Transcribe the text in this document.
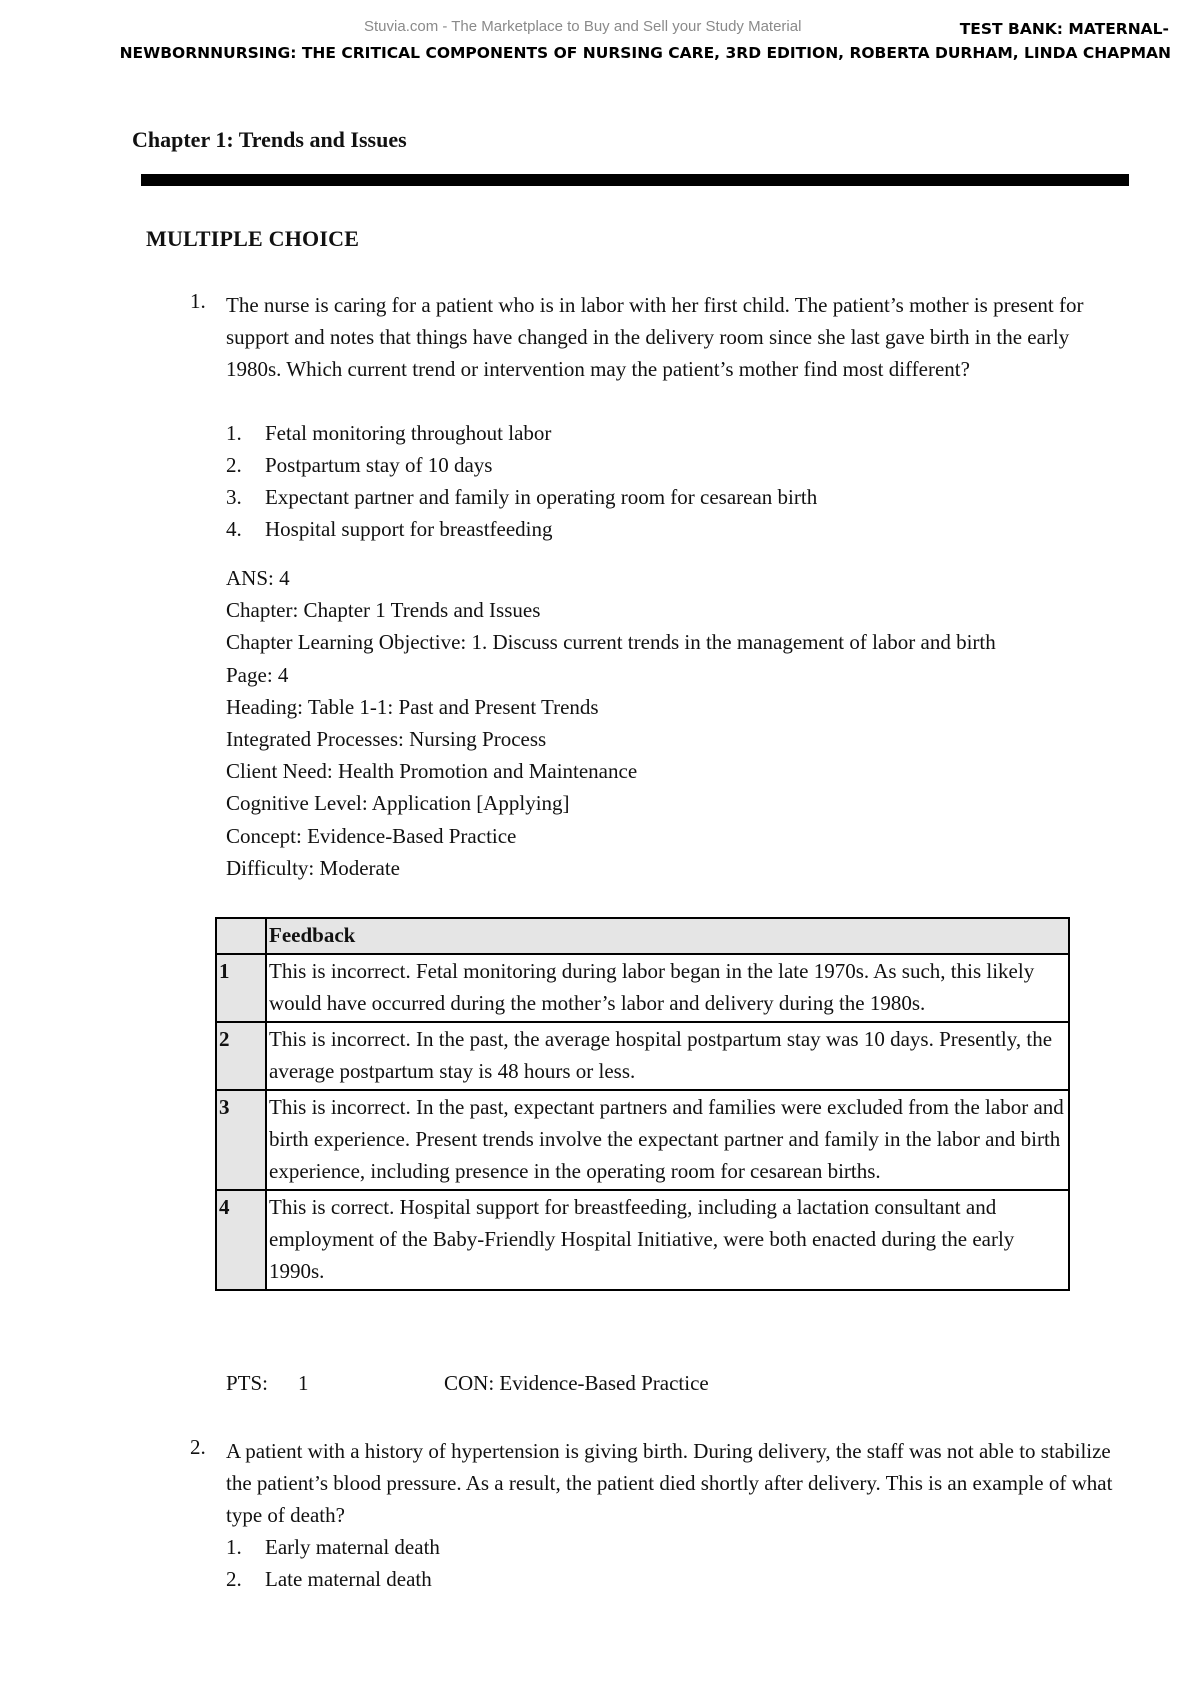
Stuvia.com - The Marketplace to Buy and Sell your Study Material	TEST BANK: MATERNAL-
NEWBORNNURSING: THE CRITICAL COMPONENTS OF NURSING CARE, 3RD EDITION, ROBERTA DURHAM, LINDA CHAPMAN
Chapter 1: Trends and Issues
MULTIPLE CHOICE
1. The nurse is caring for a patient who is in labor with her first child. The patient’s mother is present for support and notes that things have changed in the delivery room since she last gave birth in the early 1980s. Which current trend or intervention may the patient’s mother find most different?
1.	Fetal monitoring throughout labor
2.	Postpartum stay of 10 days
3.	Expectant partner and family in operating room for cesarean birth
4.	Hospital support for breastfeeding
ANS: 4
Chapter: Chapter 1 Trends and Issues
Chapter Learning Objective: 1. Discuss current trends in the management of labor and birth
Page: 4
Heading: Table 1-1: Past and Present Trends
Integrated Processes: Nursing Process
Client Need: Health Promotion and Maintenance
Cognitive Level: Application [Applying]
Concept: Evidence-Based Practice
Difficulty: Moderate
	Feedback
1	This is incorrect. Fetal monitoring during labor began in the late 1970s. As such, this likely would have occurred during the mother’s labor and delivery during the 1980s.
2	This is incorrect. In the past, the average hospital postpartum stay was 10 days. Presently, the average postpartum stay is 48 hours or less.
3	This is incorrect. In the past, expectant partners and families were excluded from the labor and birth experience. Present trends involve the expectant partner and family in the labor and birth experience, including presence in the operating room for cesarean births.
4	This is correct. Hospital support for breastfeeding, including a lactation consultant and employment of the Baby-Friendly Hospital Initiative, were both enacted during the early 1990s.
PTS: 1	CON: Evidence-Based Practice
2. A patient with a history of hypertension is giving birth. During delivery, the staff was not able to stabilize the patient’s blood pressure. As a result, the patient died shortly after delivery. This is an example of what type of death?
1.	Early maternal death
2.	Late maternal death
